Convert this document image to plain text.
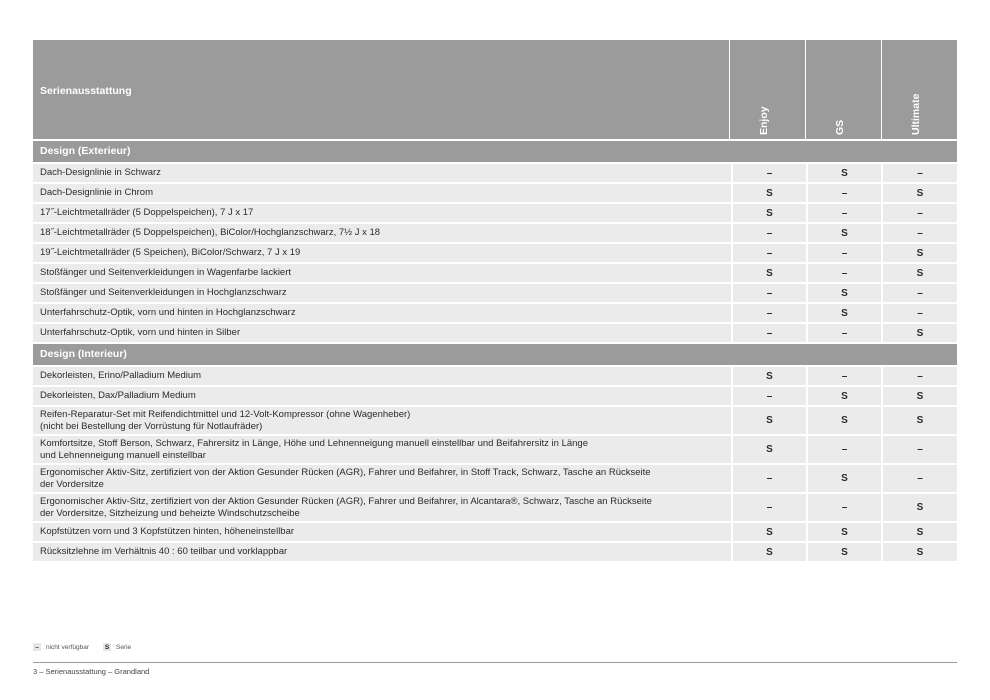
Serienausstattung
Enjoy	GS	Ultimate
Design (Exterieur)
Dach-Designlinie in Schwarz	–	S	–
Dach-Designlinie in Chrom	S	–	S
17˝-Leichtmetallräder (5 Doppelspeichen), 7 J x 17	S	–	–
18˝-Leichtmetallräder (5 Doppelspeichen), BiColor/Hochglanzschwarz, 7½ J x 18	–	S	–
19˝-Leichtmetallräder (5 Speichen), BiColor/Schwarz, 7 J x 19	–	–	S
Stoßfänger und Seitenverkleidungen in Wagenfarbe lackiert	S	–	S
Stoßfänger und Seitenverkleidungen in Hochglanzschwarz	–	S	–
Unterfahrschutz-Optik, vorn und hinten in Hochglanzschwarz	–	S	–
Unterfahrschutz-Optik, vorn und hinten in Silber	–	–	S
Design (Interieur)
Dekorleisten, Erino/Palladium Medium	S	–	–
Dekorleisten, Dax/Palladium Medium	–	S	S
Reifen-Reparatur-Set mit Reifendichtmittel und 12-Volt-Kompressor (ohne Wagenheber)
(nicht bei Bestellung der Vorrüstung für Notlaufräder)	S	S	S
Komfortsitze, Stoff Berson, Schwarz, Fahrersitz in Länge, Höhe und Lehnenneigung manuell einstellbar und Beifahrersitz in Länge
und Lehnenneigung manuell einstellbar	S	–	–
Ergonomischer Aktiv-Sitz, zertifiziert von der Aktion Gesunder Rücken (AGR), Fahrer und Beifahrer, in Stoff Track, Schwarz, Tasche an Rückseite
der Vordersitze	–	S	–
Ergonomischer Aktiv-Sitz, zertifiziert von der Aktion Gesunder Rücken (AGR), Fahrer und Beifahrer, in Alcantara®, Schwarz, Tasche an Rückseite
der Vordersitze, Sitzheizung und beheizte Windschutzscheibe	–	–	S
Kopfstützen vorn und 3 Kopfstützen hinten, höheneinstellbar	S	S	S
Rücksitzlehne im Verhältnis 40 : 60 teilbar und vorklappbar	S	S	S
–	nicht verfügbar S Serie
3 – Serienausstattung – Grandland
